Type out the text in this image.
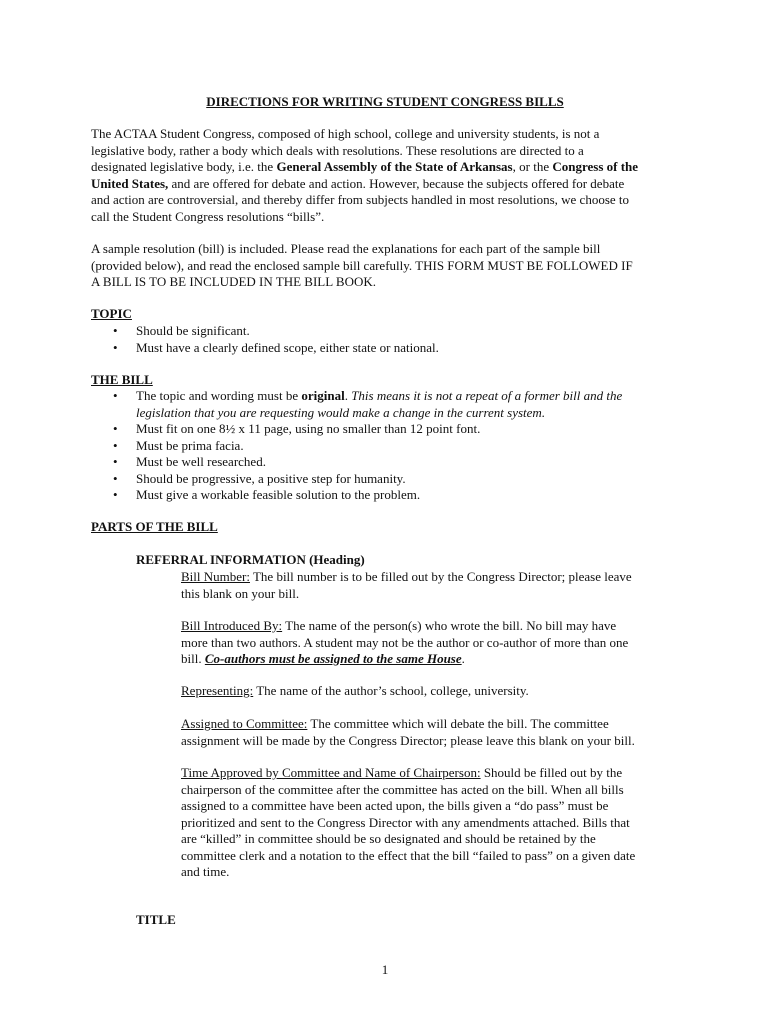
DIRECTIONS FOR WRITING STUDENT CONGRESS BILLS
The ACTAA Student Congress, composed of high school, college and university students, is not a
legislative body, rather a body which deals with resolutions. These resolutions are directed to a
designated legislative body, i.e. the General Assembly of the State of Arkansas, or the Congress of the
United States, and are offered for debate and action. However, because the subjects offered for debate
and action are controversial, and thereby differ from subjects handled in most resolutions, we choose to
call the Student Congress resolutions “bills”.
A sample resolution (bill) is included. Please read the explanations for each part of the sample bill
(provided below), and read the enclosed sample bill carefully. THIS FORM MUST BE FOLLOWED IF
A BILL IS TO BE INCLUDED IN THE BILL BOOK.
TOPIC
• Should be significant.
• Must have a clearly defined scope, either state or national.
THE BILL
• The topic and wording must be original. This means it is not a repeat of a former bill and the
legislation that you are requesting would make a change in the current system.
• Must fit on one 8½ x 11 page, using no smaller than 12 point font.
• Must be prima facia.
• Must be well researched.
• Should be progressive, a positive step for humanity.
• Must give a workable feasible solution to the problem.
PARTS OF THE BILL
REFERRAL INFORMATION (Heading)
Bill Number: The bill number is to be filled out by the Congress Director; please leave
this blank on your bill.
Bill Introduced By: The name of the person(s) who wrote the bill. No bill may have
more than two authors. A student may not be the author or co-author of more than one
bill. Co-authors must be assigned to the same House.
Representing: The name of the author’s school, college, university.
Assigned to Committee: The committee which will debate the bill. The committee
assignment will be made by the Congress Director; please leave this blank on your bill.
Time Approved by Committee and Name of Chairperson: Should be filled out by the
chairperson of the committee after the committee has acted on the bill. When all bills
assigned to a committee have been acted upon, the bills given a “do pass” must be
prioritized and sent to the Congress Director with any amendments attached. Bills that
are “killed” in committee should be so designated and should be retained by the
committee clerk and a notation to the effect that the bill “failed to pass” on a given date
and time.
TITLE
1
